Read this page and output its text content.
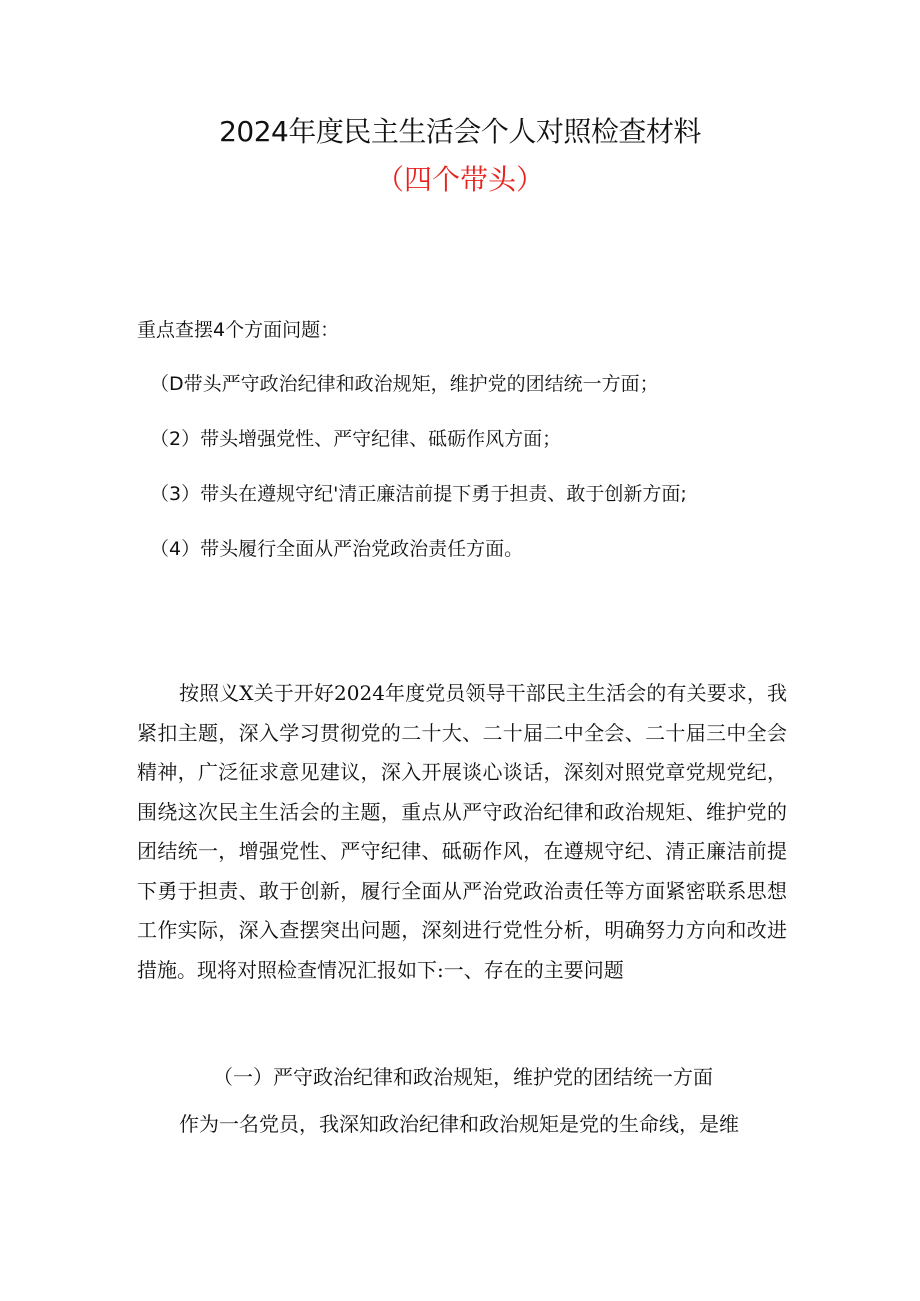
2024年度民主生活会个人对照检查材料
（四个带头）
重点查摆4个方面问题：
（D带头严守政治纪律和政治规矩，维护党的团结统一方面；
（2）带头增强党性、严守纪律、砥砺作风方面；
（3）带头在遵规守纪'清正廉洁前提下勇于担责、敢于创新方面;
（4）带头履行全面从严治党政治责任方面。

按照义X关于开好2024年度党员领导干部民主生活会的有关要求，我紧扣主题，深入学习贯彻党的二十大、二十届二中全会、二十届三中全会精神，广泛征求意见建议，深入开展谈心谈话，深刻对照党章党规党纪，围绕这次民主生活会的主题，重点从严守政治纪律和政治规矩、维护党的团结统一，增强党性、严守纪律、砥砺作风，在遵规守纪、清正廉洁前提下勇于担责、敢于创新，履行全面从严治党政治责任等方面紧密联系思想工作实际，深入查摆突出问题，深刻进行党性分析，明确努力方向和改进措施。现将对照检查情况汇报如下:一、存在的主要问题

（一）严守政治纪律和政治规矩，维护党的团结统一方面
作为一名党员，我深知政治纪律和政治规矩是党的生命线，是维
